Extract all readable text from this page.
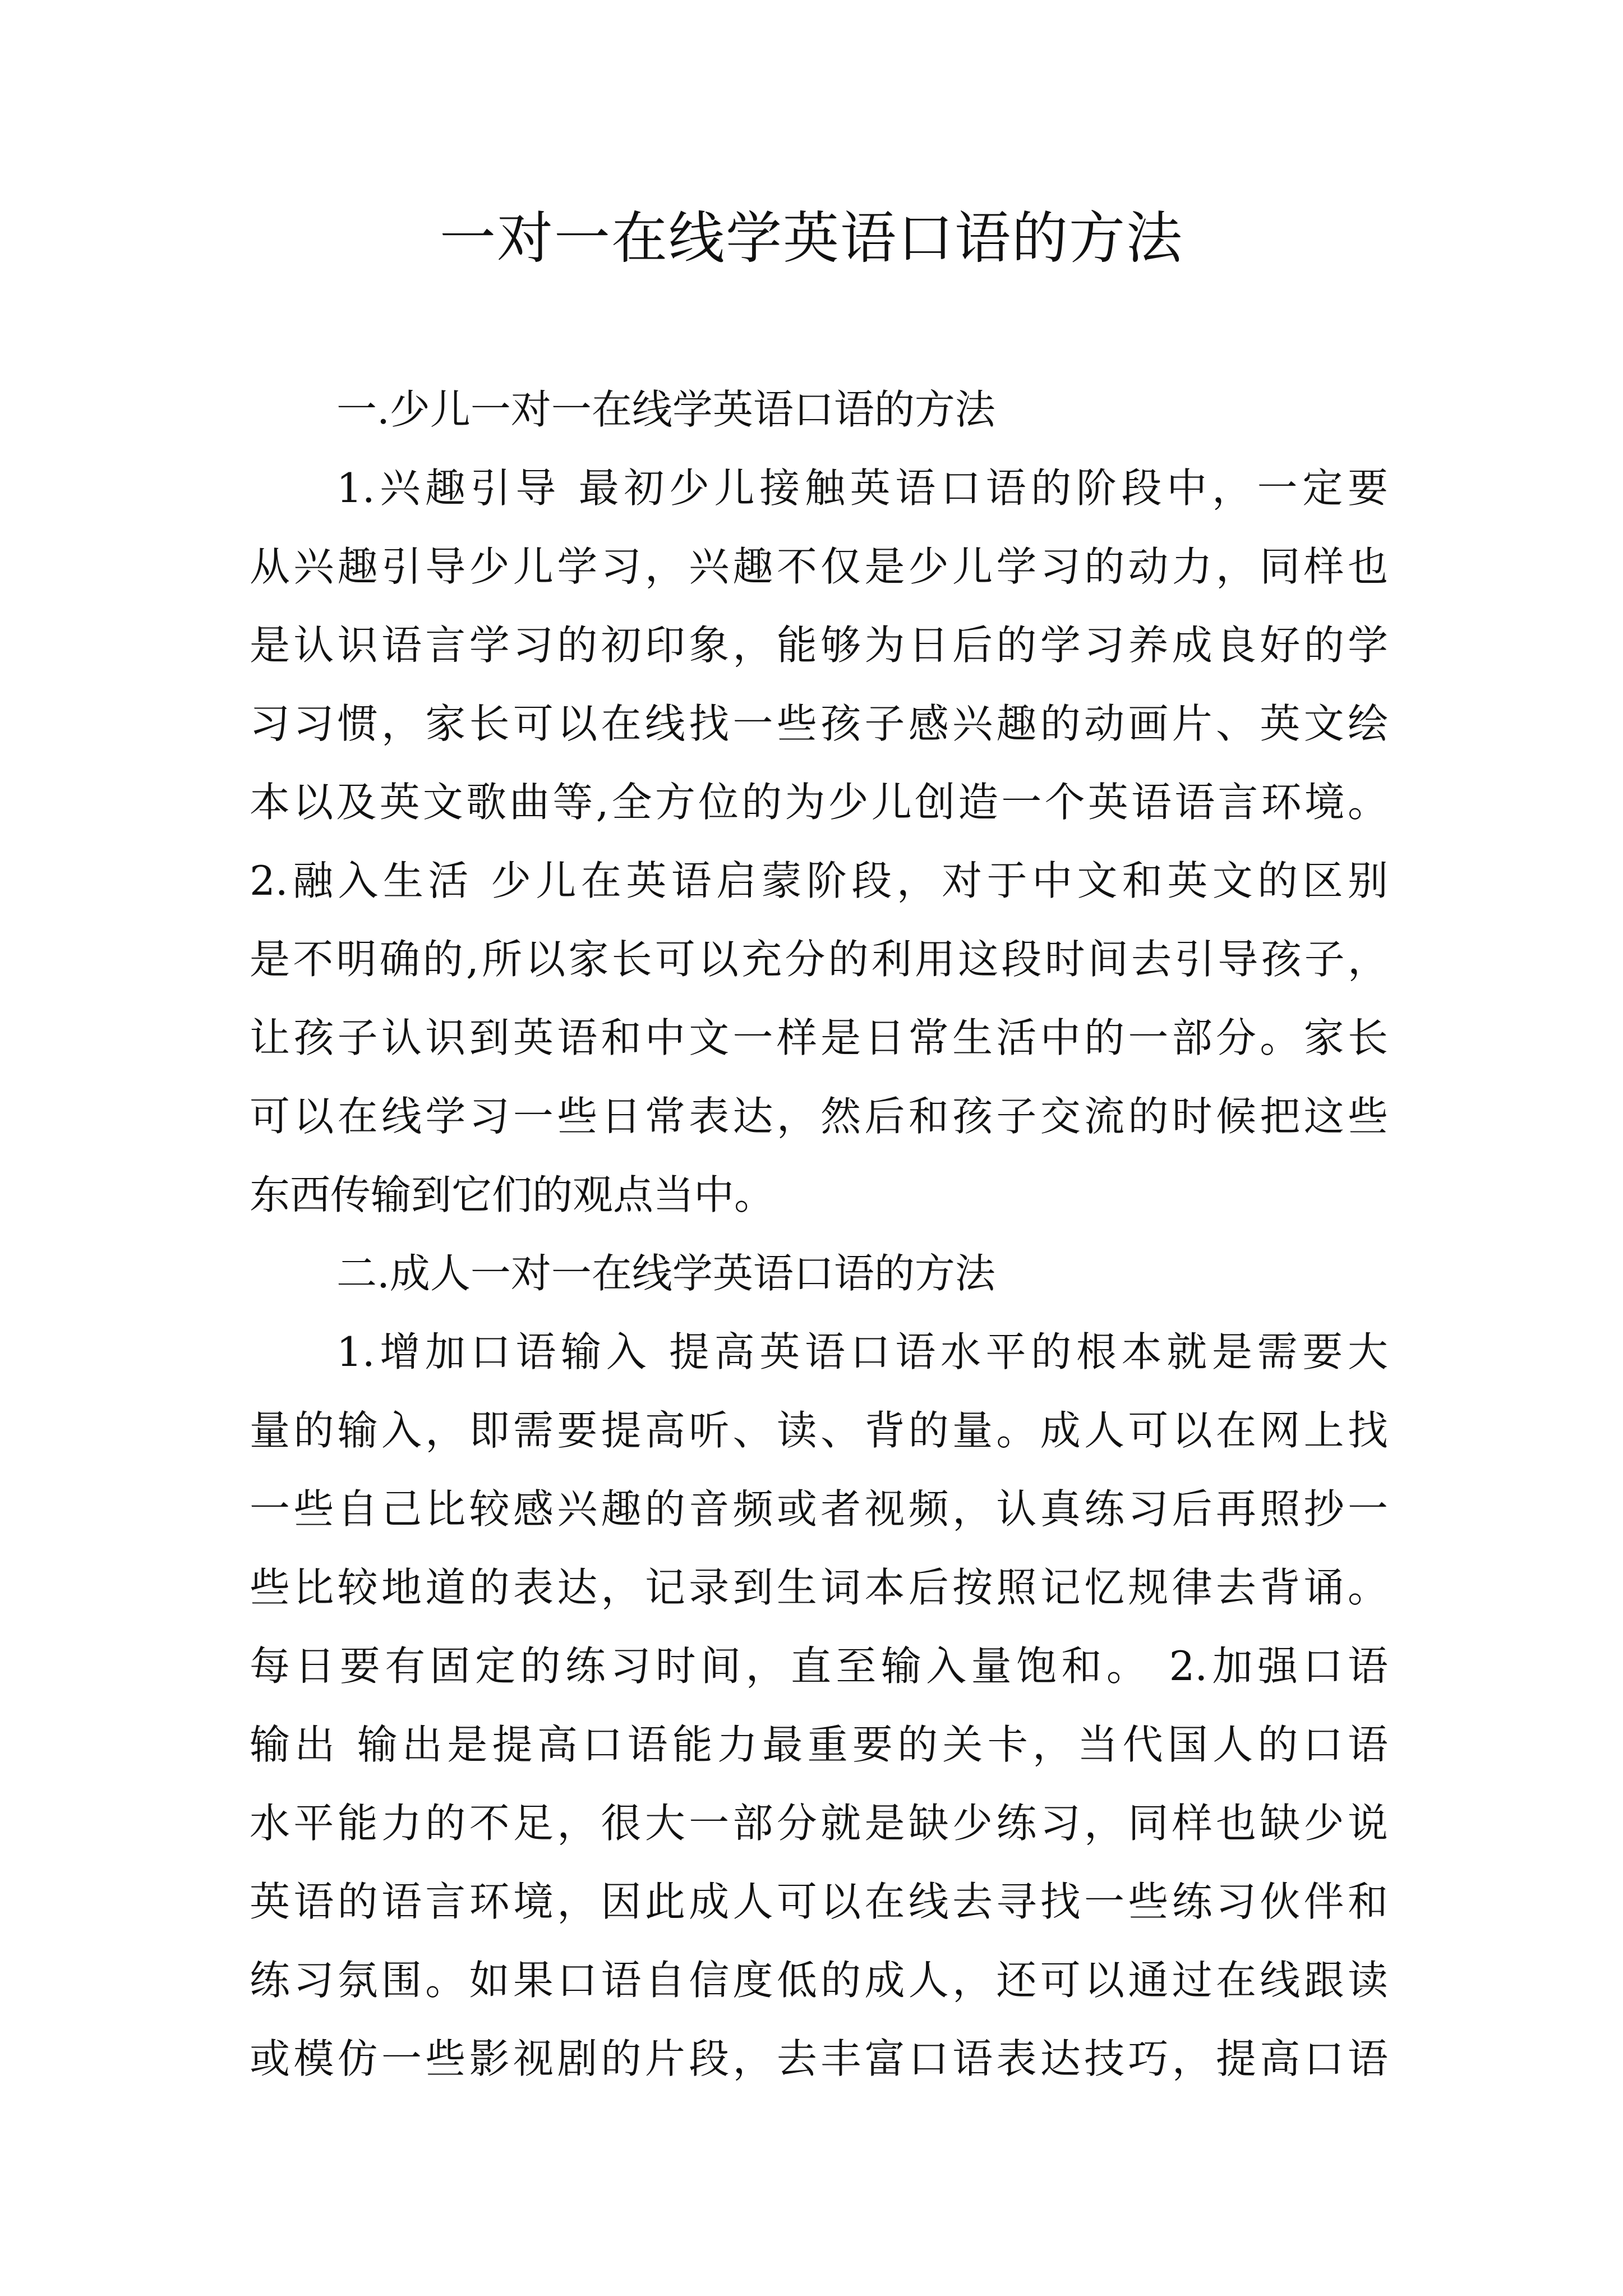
一对一在线学英语口语的方法

一.少儿一对一在线学英语口语的方法

1.兴趣引导 最初少儿接触英语口语的阶段中，一定要

从兴趣引导少儿学习，兴趣不仅是少儿学习的动力，同样也

是认识语言学习的初印象，能够为日后的学习养成良好的学

习习惯，家长可以在线找一些孩子感兴趣的动画片、英文绘

本以及英文歌曲等,全方位的为少儿创造一个英语语言环境。

2.融入生活 少儿在英语启蒙阶段，对于中文和英文的区别

是不明确的,所以家长可以充分的利用这段时间去引导孩子，

让孩子认识到英语和中文一样是日常生活中的一部分。家长

可以在线学习一些日常表达，然后和孩子交流的时候把这些

东西传输到它们的观点当中。

二.成人一对一在线学英语口语的方法

1.增加口语输入 提高英语口语水平的根本就是需要大

量的输入，即需要提高听、读、背的量。成人可以在网上找

一些自己比较感兴趣的音频或者视频，认真练习后再照抄一

些比较地道的表达，记录到生词本后按照记忆规律去背诵。

每日要有固定的练习时间，直至输入量饱和。 2.加强口语

输出 输出是提高口语能力最重要的关卡，当代国人的口语

水平能力的不足，很大一部分就是缺少练习，同样也缺少说

英语的语言环境，因此成人可以在线去寻找一些练习伙伴和

练习氛围。如果口语自信度低的成人，还可以通过在线跟读

或模仿一些影视剧的片段，去丰富口语表达技巧，提高口语
